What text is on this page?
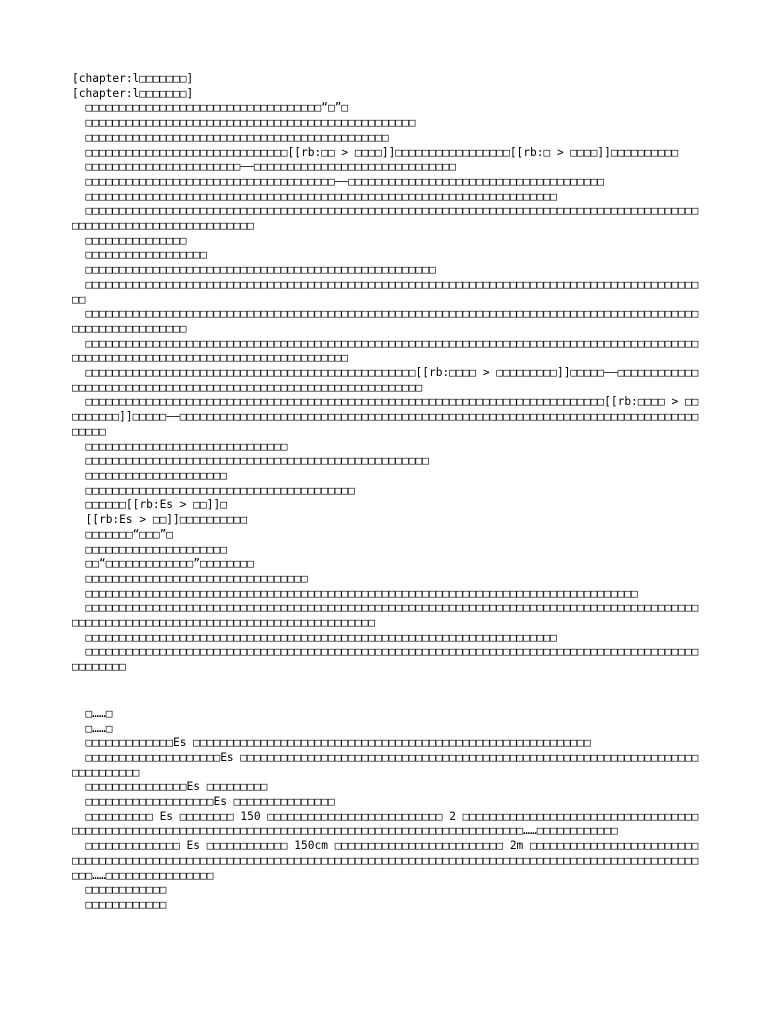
[chapter:l□□□□□□□]

[chapter:l□□□□□□□]

□□□□□□□□□□□□□□□□□□□□□□□□□□□□□□□□□□□“□”□

□□□□□□□□□□□□□□□□□□□□□□□□□□□□□□□□□□□□□□□□□□□□□□□□□

□□□□□□□□□□□□□□□□□□□□□□□□□□□□□□□□□□□□□□□□□□□□□

□□□□□□□□□□□□□□□□□□□□□□□□□□□□□□[[rb:□□ > □□□□]]□□□□□□□□□□□□□□□□□[[rb:□ > □□□□]]□□□□□□□□□□

□□□□□□□□□□□□□□□□□□□□□□□——□□□□□□□□□□□□□□□□□□□□□□□□□□□□□□

□□□□□□□□□□□□□□□□□□□□□□□□□□□□□□□□□□□□□——□□□□□□□□□□□□□□□□□□□□□□□□□□□□□□□□□□□□□□

□□□□□□□□□□□□□□□□□□□□□□□□□□□□□□□□□□□□□□□□□□□□□□□□□□□□□□□□□□□□□□□□□□□□□□

□□□□□□□□□□□□□□□□□□□□□□□□□□□□□□□□□□□□□□□□□□□□□□□□□□□□□□□□□□□□□□□□□□□□□□□□□□□□□□□□□□□□□□□□□□□□□□□□□□□□□□□□□□□□□□□□□□□□□□

□□□□□□□□□□□□□□□

□□□□□□□□□□□□□□□□□□

□□□□□□□□□□□□□□□□□□□□□□□□□□□□□□□□□□□□□□□□□□□□□□□□□□□□

□□□□□□□□□□□□□□□□□□□□□□□□□□□□□□□□□□□□□□□□□□□□□□□□□□□□□□□□□□□□□□□□□□□□□□□□□□□□□□□□□□□□□□□□□□□□□

□□□□□□□□□□□□□□□□□□□□□□□□□□□□□□□□□□□□□□□□□□□□□□□□□□□□□□□□□□□□□□□□□□□□□□□□□□□□□□□□□□□□□□□□□□□□□□□□□□□□□□□□□□□□

□□□□□□□□□□□□□□□□□□□□□□□□□□□□□□□□□□□□□□□□□□□□□□□□□□□□□□□□□□□□□□□□□□□□□□□□□□□□□□□□□□□□□□□□□□□□□□□□□□□□□□□□□□□□□□□□□□□□□□□□□□□□□□□□□□□□

□□□□□□□□□□□□□□□□□□□□□□□□□□□□□□□□□□□□□□□□□□□□□□□□□[[rb:□□□□ > □□□□□□□□□]]□□□□□——□□□□□□□□□□□□□□□□□□□□□□□□□□□□□□□□□□□□□□□□□□□□□□□□□□□□□□□□□□□□□□□□

□□□□□□□□□□□□□□□□□□□□□□□□□□□□□□□□□□□□□□□□□□□□□□□□□□□□□□□□□□□□□□□□□□□□□□□□□□□□□[[rb:□□□□ > □□□□□□□□□]]□□□□□——□□□□□□□□□□□□□□□□□□□□□□□□□□□□□□□□□□□□□□□□□□□□□□□□□□□□□□□□□□□□□□□□□□□□□□□□□□□□□□□□□□

□□□□□□□□□□□□□□□□□□□□□□□□□□□□□□

□□□□□□□□□□□□□□□□□□□□□□□□□□□□□□□□□□□□□□□□□□□□□□□□□□□

□□□□□□□□□□□□□□□□□□□□□

□□□□□□□□□□□□□□□□□□□□□□□□□□□□□□□□□□□□□□□□

□□□□□□[[rb:Es > □□]]□

[[rb:Es > □□]]□□□□□□□□□□

□□□□□□□“□□□”□

□□□□□□□□□□□□□□□□□□□□□

□□“□□□□□□□□□□□□□”□□□□□□□□

□□□□□□□□□□□□□□□□□□□□□□□□□□□□□□□□□

□□□□□□□□□□□□□□□□□□□□□□□□□□□□□□□□□□□□□□□□□□□□□□□□□□□□□□□□□□□□□□□□□□□□□□□□□□□□□□□□□□

□□□□□□□□□□□□□□□□□□□□□□□□□□□□□□□□□□□□□□□□□□□□□□□□□□□□□□□□□□□□□□□□□□□□□□□□□□□□□□□□□□□□□□□□□□□□□□□□□□□□□□□□□□□□□□□□□□□□□□□□□□□□□□□□□□□□□□□□

□□□□□□□□□□□□□□□□□□□□□□□□□□□□□□□□□□□□□□□□□□□□□□□□□□□□□□□□□□□□□□□□□□□□□□

□□□□□□□□□□□□□□□□□□□□□□□□□□□□□□□□□□□□□□□□□□□□□□□□□□□□□□□□□□□□□□□□□□□□□□□□□□□□□□□□□□□□□□□□□□□□□□□□□□□

□……□

□……□

□□□□□□□□□□□□□Es □□□□□□□□□□□□□□□□□□□□□□□□□□□□□□□□□□□□□□□□□□□□□□□□□□□□□□□□□□□

□□□□□□□□□□□□□□□□□□□□Es □□□□□□□□□□□□□□□□□□□□□□□□□□□□□□□□□□□□□□□□□□□□□□□□□□□□□□□□□□□□□□□□□□□□□□□□□□□□□□

□□□□□□□□□□□□□□□Es □□□□□□□□□

□□□□□□□□□□□□□□□□□□□Es □□□□□□□□□□□□□□□

□□□□□□□□□□ Es □□□□□□□□ 150 □□□□□□□□□□□□□□□□□□□□□□□□□□ 2 □□□□□□□□□□□□□□□□□□□□□□□□□□□□□□□□□□□□□□□□□□□□□□□□□□□□□□□□□□□□□□□□□□□□□□□□□□□□□□□□□□□□□□□□□□□□□□□□□□□□□□……□□□□□□□□□□□□

□□□□□□□□□□□□□□ Es □□□□□□□□□□□□ 150cm □□□□□□□□□□□□□□□□□□□□□□□□□ 2m □□□□□□□□□□□□□□□□□□□□□□□□□□□□□□□□□□□□□□□□□□□□□□□□□□□□□□□□□□□□□□□□□□□□□□□□□□□□□□□□□□□□□□□□□□□□□□□□□□□□□□□□□□□□□□□□□□□□□□□□□……□□□□□□□□□□□□□□□□

□□□□□□□□□□□□

□□□□□□□□□□□□
